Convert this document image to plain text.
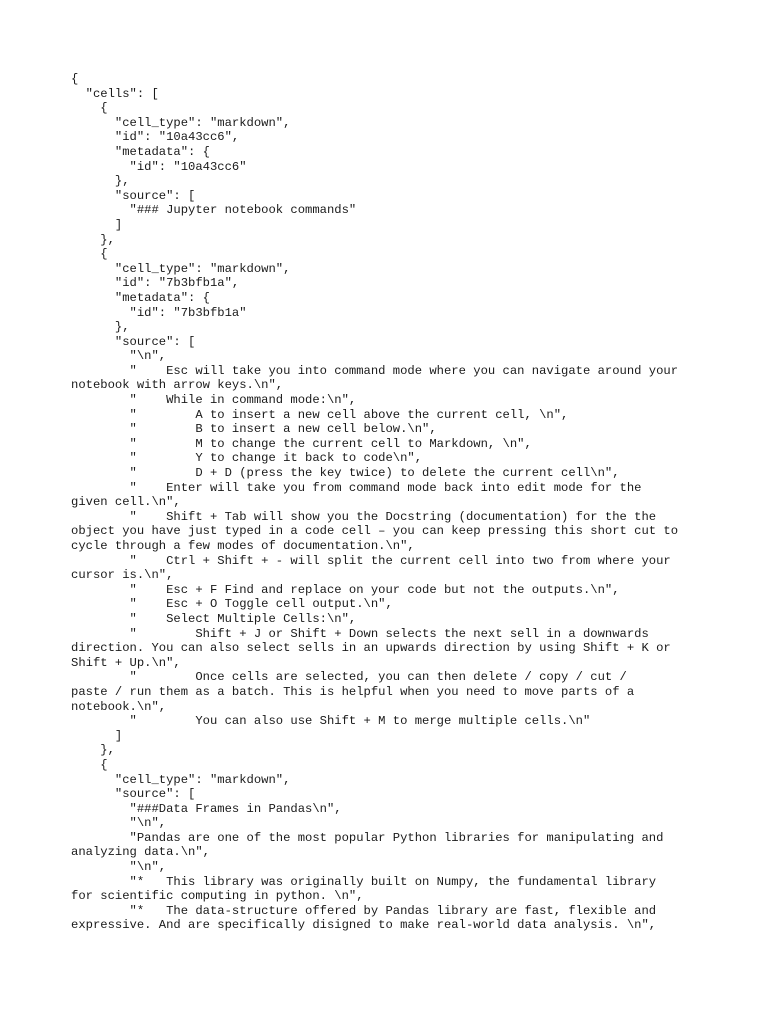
{
"cells": [
{
"cell_type": "markdown",
"id": "10a43cc6",
"metadata": {
"id": "10a43cc6"
},
"source": [
"### Jupyter notebook commands"
]
},
{
"cell_type": "markdown",
"id": "7b3bfb1a",
"metadata": {
"id": "7b3bfb1a"
},
"source": [
"\n",
"    Esc will take you into command mode where you can navigate around your
notebook with arrow keys.\n",
"    While in command mode:\n",
"        A to insert a new cell above the current cell, \n",
"        B to insert a new cell below.\n",
"        M to change the current cell to Markdown, \n",
"        Y to change it back to code\n",
"        D + D (press the key twice) to delete the current cell\n",
"    Enter will take you from command mode back into edit mode for the
given cell.\n",
"    Shift + Tab will show you the Docstring (documentation) for the the
object you have just typed in a code cell – you can keep pressing this short cut to
cycle through a few modes of documentation.\n",
"    Ctrl + Shift + - will split the current cell into two from where your
cursor is.\n",
"    Esc + F Find and replace on your code but not the outputs.\n",
"    Esc + O Toggle cell output.\n",
"    Select Multiple Cells:\n",
"        Shift + J or Shift + Down selects the next sell in a downwards
direction. You can also select sells in an upwards direction by using Shift + K or
Shift + Up.\n",
"        Once cells are selected, you can then delete / copy / cut /
paste / run them as a batch. This is helpful when you need to move parts of a
notebook.\n",
"        You can also use Shift + M to merge multiple cells.\n"
]
},
{
"cell_type": "markdown",
"source": [
"###Data Frames in Pandas\n",
"\n",
"Pandas are one of the most popular Python libraries for manipulating and
analyzing data.\n",
"\n",
"*   This library was originally built on Numpy, the fundamental library
for scientific computing in python. \n",
"*   The data-structure offered by Pandas library are fast, flexible and
expressive. And are specifically disigned to make real-world data analysis. \n",
